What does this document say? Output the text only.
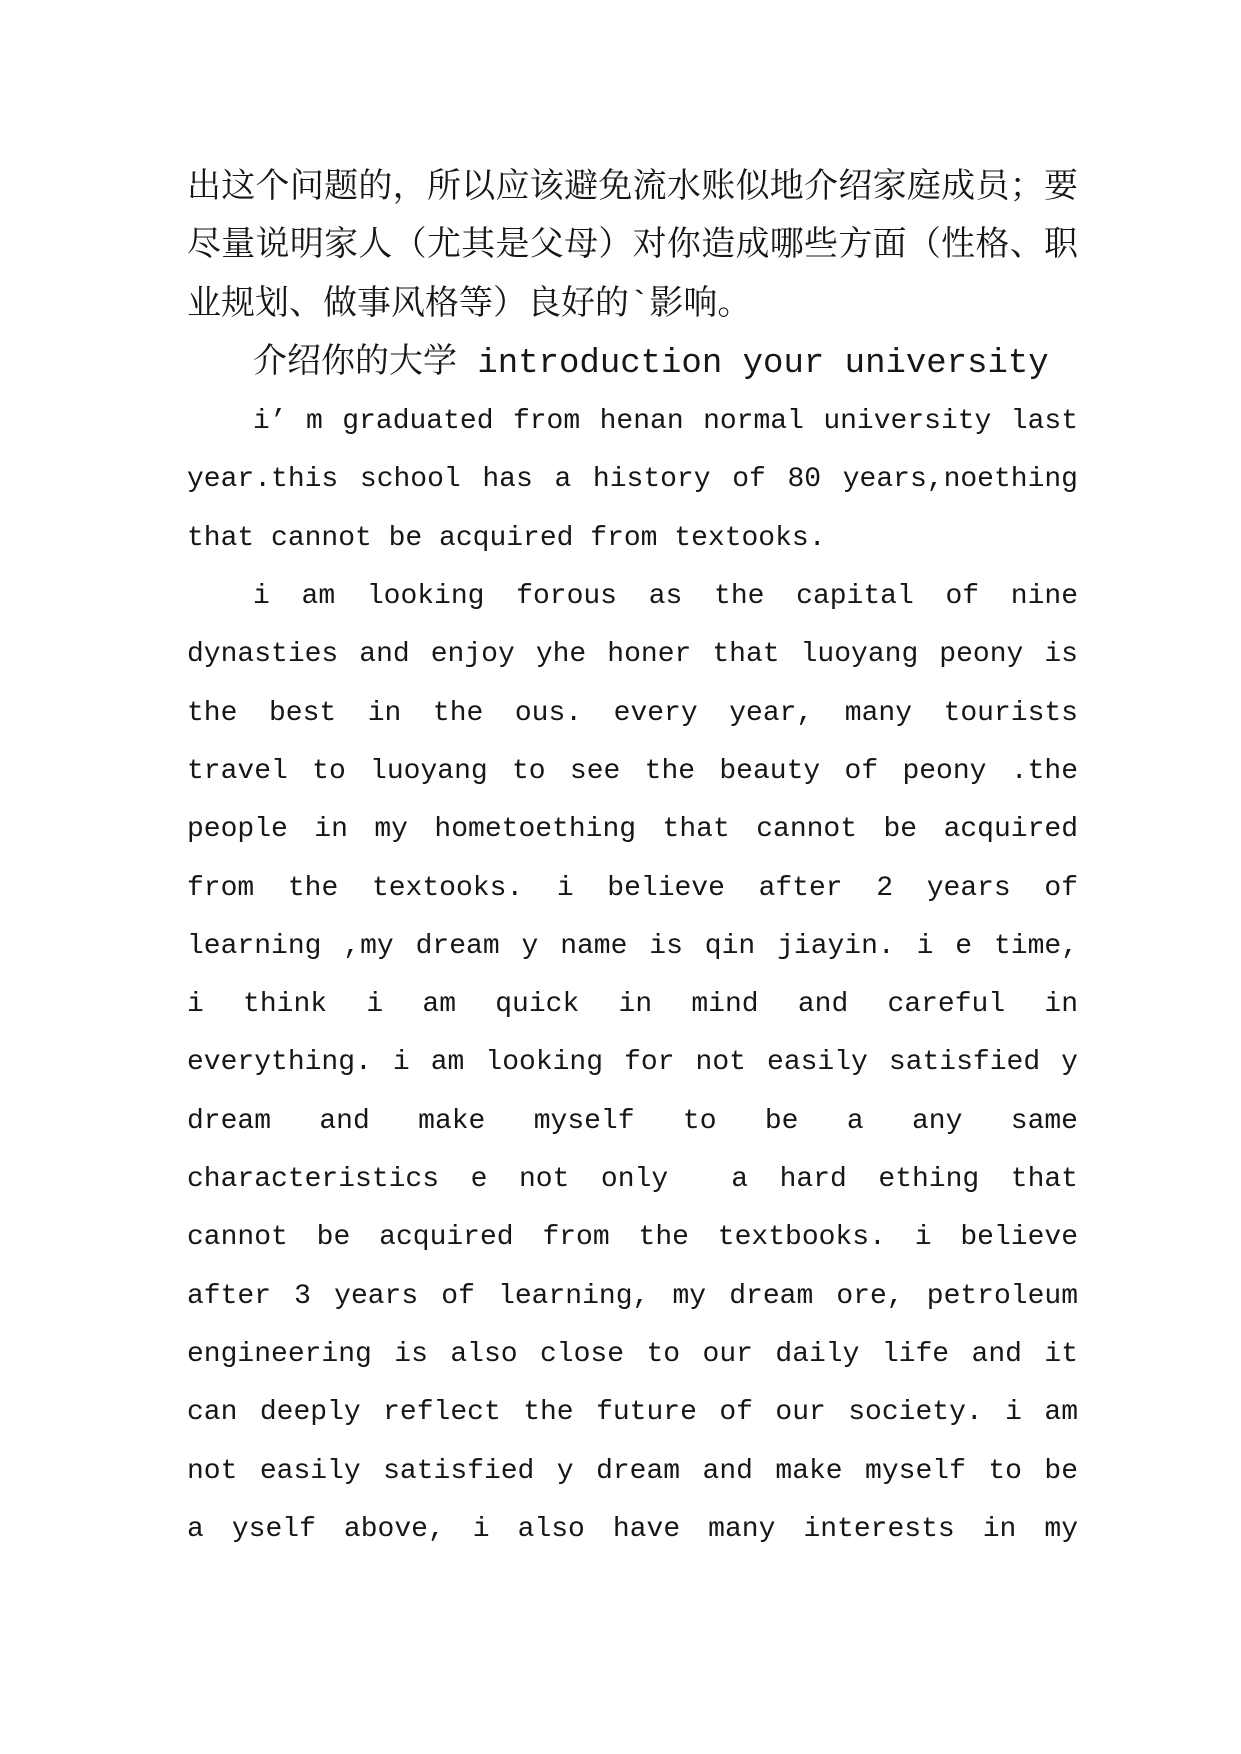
出这个问题的，所以应该避免流水账似地介绍家庭成员；要
尽量说明家人（尤其是父母）对你造成哪些方面（性格、职
业规划、做事风格等）良好的`影响。
介绍你的大学 introduction your university
i’ m graduated from henan normal university last
year.this school has a history of 80 years,noething
that cannot be acquired from textooks.
i am looking forous as the capital of nine
dynasties and enjoy yhe honer that luoyang peony is
the best in the ous. every year, many tourists
travel to luoyang to see the beauty of peony .the
people in my hometoething that cannot be acquired
from the textooks. i believe after 2 years of
learning ,my dream y name is qin jiayin. i e time,
i think i am quick in mind and careful in
everything. i am looking for not easily satisfied y
dream and make myself to be a any same
characteristics e not only  a hard ething that
cannot be acquired from the textbooks. i believe
after 3 years of learning, my dream ore, petroleum
engineering is also close to our daily life and it
can deeply reflect the future of our society. i am
not easily satisfied y dream and make myself to be
a yself above, i also have many interests in my
